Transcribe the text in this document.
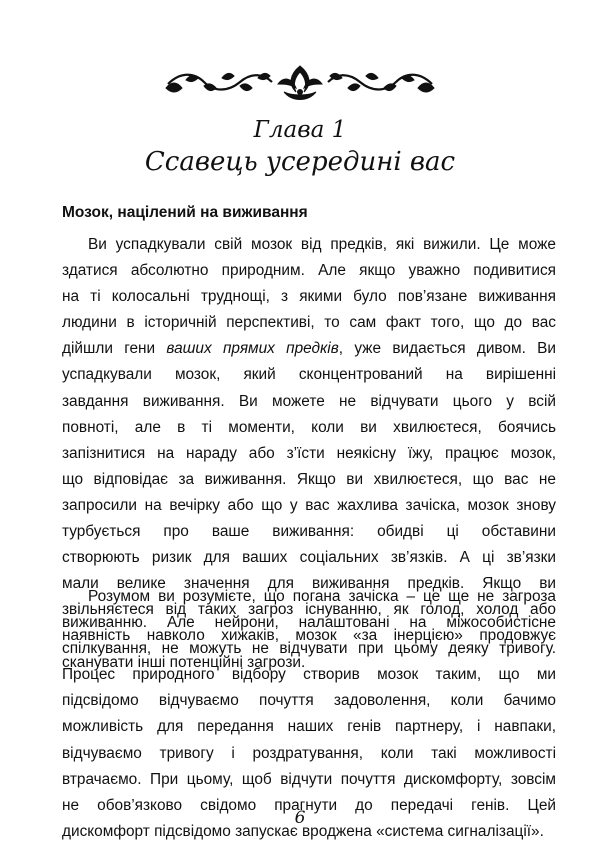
Глава 1
Ссавець усередині вас
Мозок, націлений на виживання
Ви успадкували свій мозок від предків, які вижили. Це може
здатися абсолютно природним. Але якщо уважно подивитися
на ті колосальні труднощі, з якими було пов’язане виживання
людини в історичній перспективі, то сам факт того, що до вас
дійшли гени ваших прямих предків, уже видається дивом. Ви
успадкували мозок, який сконцентрований на вирішенні
завдання виживання. Ви можете не відчувати цього у всій
повноті, але в ті моменти, коли ви хвилюєтеся, боячись
запізнитися на нараду або з’їсти неякісну їжу, працює мозок,
що відповідає за виживання. Якщо ви хвилюєтеся, що вас не
запросили на вечірку або що у вас жахлива зачіска, мозок знову
турбується про ваше виживання: обидві ці обставини
створюють ризик для ваших соціальних зв’язків. А ці зв’язки
мали велике значення для виживання предків. Якщо ви
звільняєтеся від таких загроз існуванню, як голод, холод або
наявність навколо хижаків, мозок «за інерцією» продовжує
сканувати інші потенційні загрози.
Розумом ви розумієте, що погана зачіска – це ще не загроза
виживанню. Але нейрони, налаштовані на міжособистісне
спілкування, не можуть не відчувати при цьому деяку тривогу.
Процес природного відбору створив мозок таким, що ми
підсвідомо відчуваємо почуття задоволення, коли бачимо
можливість для передання наших генів партнеру, і навпаки,
відчуваємо тривогу і роздратування, коли такі можливості
втрачаємо. При цьому, щоб відчути почуття дискомфорту, зовсім
не обов’язково свідомо прагнути до передачі генів. Цей
дискомфорт підсвідомо запускає вроджена «система сигналізації».
6
